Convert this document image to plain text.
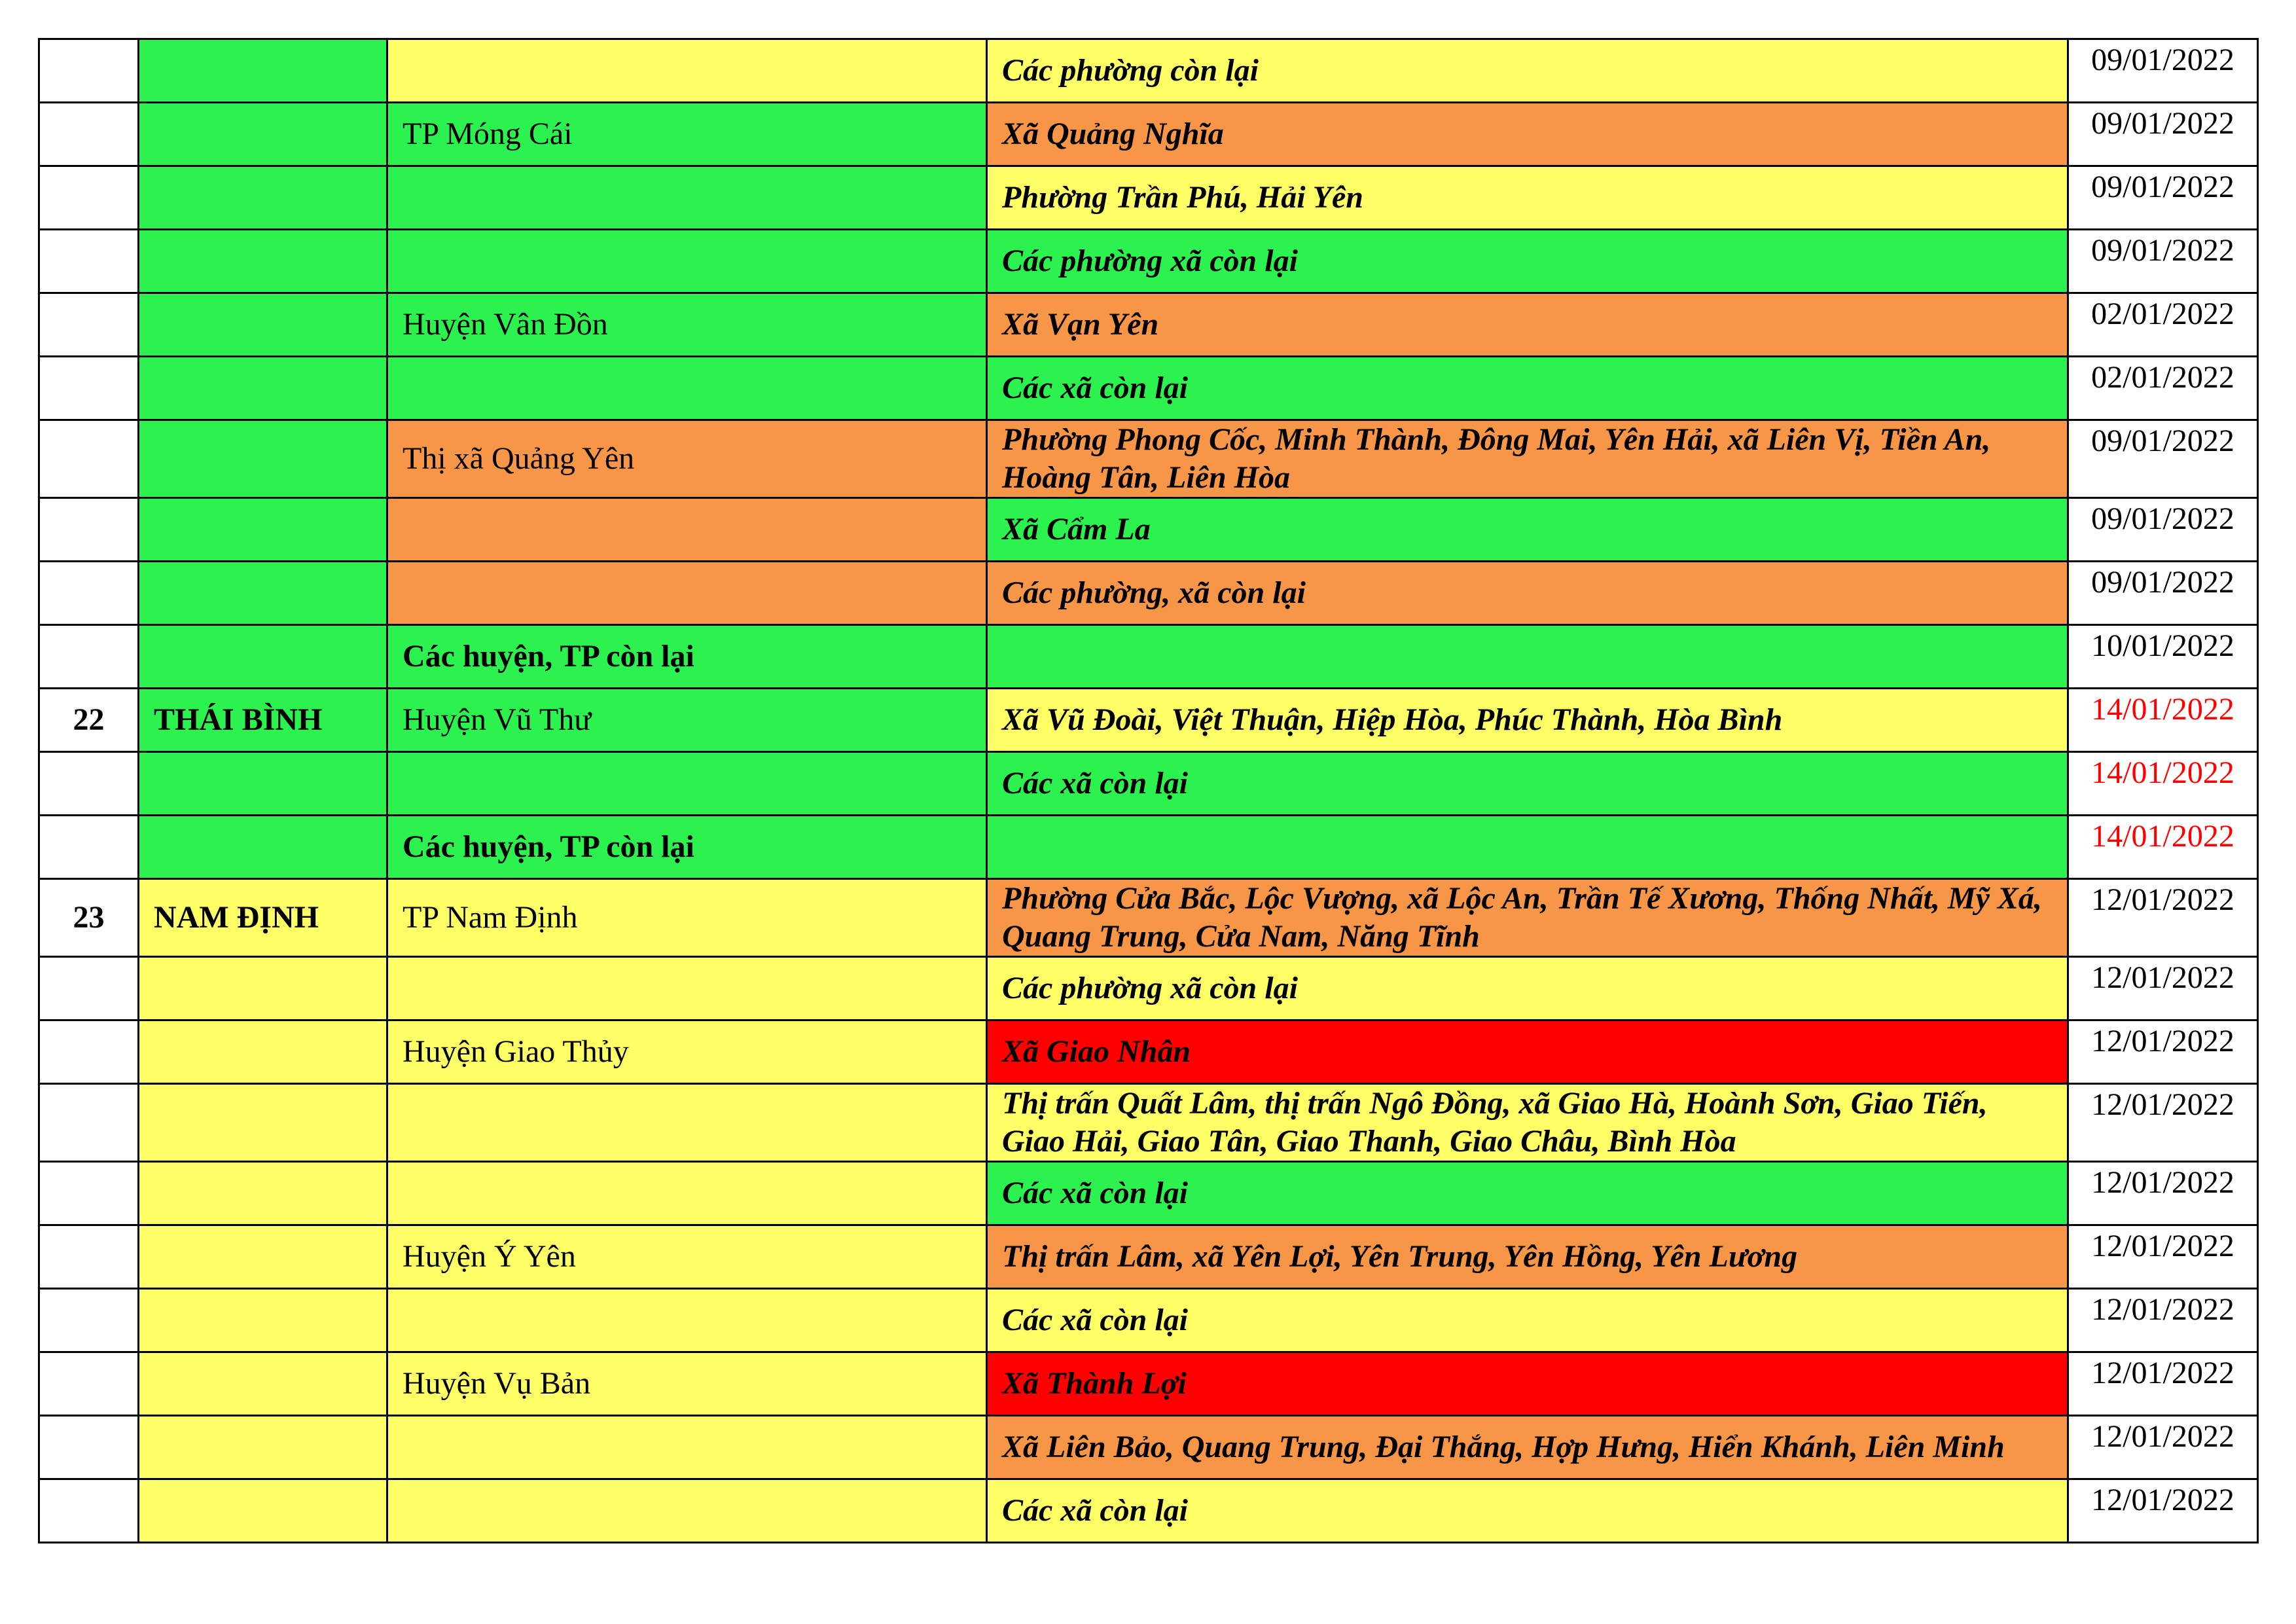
			Các phường còn lại	09/01/2022
		TP Móng Cái	Xã Quảng Nghĩa	09/01/2022
			Phường Trần Phú, Hải Yên	09/01/2022
			Các phường xã còn lại	09/01/2022
		Huyện Vân Đồn	Xã Vạn Yên	02/01/2022
			Các xã còn lại	02/01/2022
		Thị xã Quảng Yên	Phường Phong Cốc, Minh Thành, Đông Mai, Yên Hải, xã Liên Vị, Tiền An, Hoàng Tân, Liên Hòa	09/01/2022
			Xã Cẩm La	09/01/2022
			Các phường, xã còn lại	09/01/2022
		Các huyện, TP còn lại		10/01/2022
22	THÁI BÌNH	Huyện Vũ Thư	Xã Vũ Đoài, Việt Thuận, Hiệp Hòa, Phúc Thành, Hòa Bình	14/01/2022
			Các xã còn lại	14/01/2022
		Các huyện, TP còn lại		14/01/2022
23	NAM ĐỊNH	TP Nam Định	Phường Cửa Bắc, Lộc Vượng, xã Lộc An, Trần Tế Xương, Thống Nhất, Mỹ Xá, Quang Trung, Cửa Nam, Năng Tĩnh	12/01/2022
			Các phường xã còn lại	12/01/2022
		Huyện Giao Thủy	Xã Giao Nhân	12/01/2022
			Thị trấn Quất Lâm, thị trấn Ngô Đồng, xã Giao Hà, Hoành Sơn, Giao Tiến, Giao Hải, Giao Tân, Giao Thanh, Giao Châu, Bình Hòa	12/01/2022
			Các xã còn lại	12/01/2022
		Huyện Ý Yên	Thị trấn Lâm, xã Yên Lợi, Yên Trung, Yên Hồng, Yên Lương	12/01/2022
			Các xã còn lại	12/01/2022
		Huyện Vụ Bản	Xã Thành Lợi	12/01/2022
			Xã Liên Bảo, Quang Trung, Đại Thắng, Hợp Hưng, Hiển Khánh, Liên Minh	12/01/2022
			Các xã còn lại	12/01/2022
